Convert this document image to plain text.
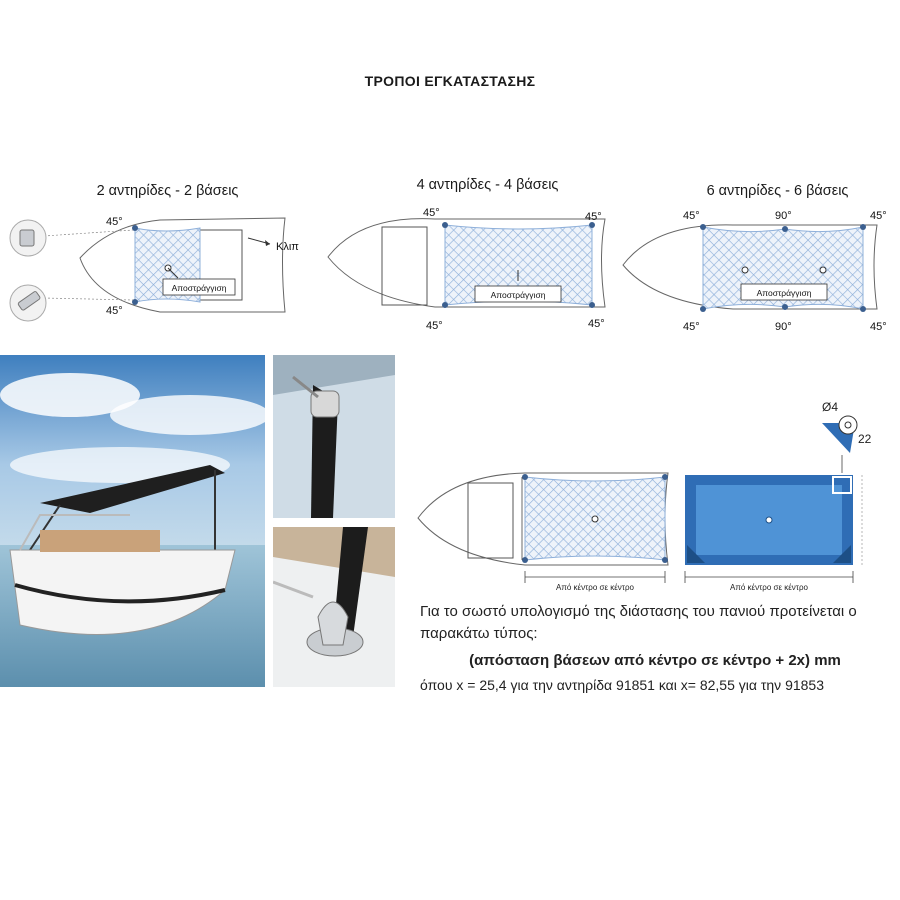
ΤΡΟΠΟΙ ΕΓΚΑΤΑΣΤΑΣΗΣ
2 αντηρίδες - 2 βάσεις
Αποστράγγιση
Κλιπ
45°
45°
4 αντηρίδες - 4 βάσεις
Αποστράγγιση
45°	45°
45°	45°
6 αντηρίδες - 6 βάσεις
Αποστράγγιση
45°	90°	45°
45°	90°	45°
Από κέντρο σε κέντρο	Από κέντρο σε κέντρο
Ø4
22
Για το σωστό υπολογισμό της διάστασης του πανιού προτείνεται ο παρακάτω τύπος:
(απόσταση βάσεων από κέντρο σε κέντρο + 2x) mm
όπου x = 25,4 για την αντηρίδα 91851 και x= 82,55 για την 91853
